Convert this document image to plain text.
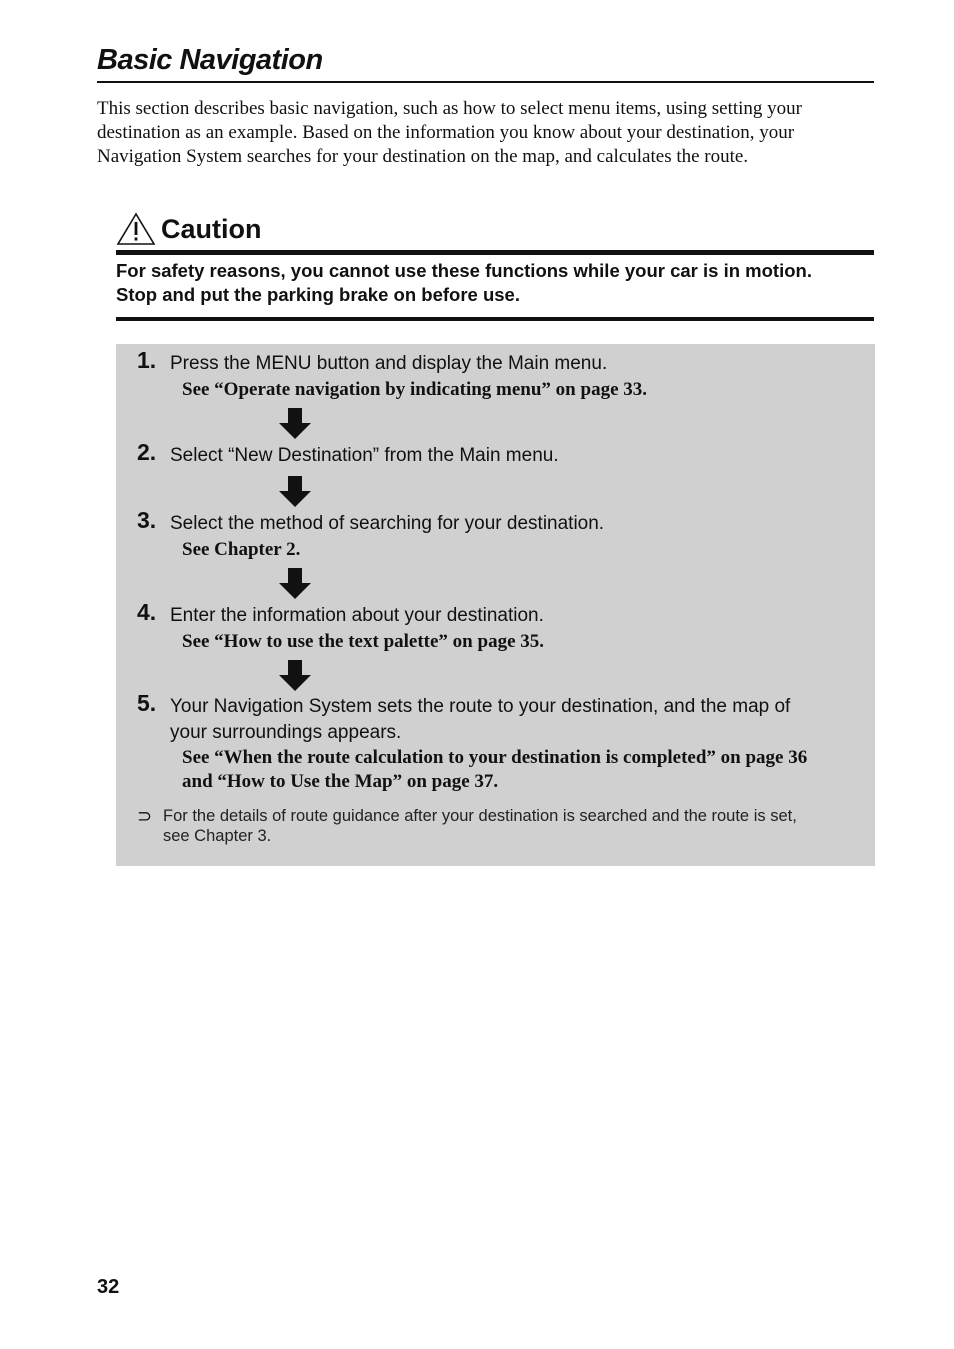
Basic Navigation
This section describes basic navigation, such as how to select menu items, using setting your destination as an example. Based on the information you know about your destination, your Navigation System searches for your destination on the map, and calculates the route.
Caution
For safety reasons, you cannot use these functions while your car is in motion.
Stop and put the parking brake on before use.
1. Press the MENU button and display the Main menu.
See “Operate navigation by indicating menu” on page 33.
2. Select “New Destination” from the Main menu.
3. Select the method of searching for your destination.
See Chapter 2.
4. Enter the information about your destination.
See “How to use the text palette” on page 35.
5. Your Navigation System sets the route to your destination, and the map of
your surroundings appears.
See “When the route calculation to your destination is completed” on page 36
and “How to Use the Map” on page 37.
⊃ For the details of route guidance after your destination is searched and the route is set,
see Chapter 3.
32
